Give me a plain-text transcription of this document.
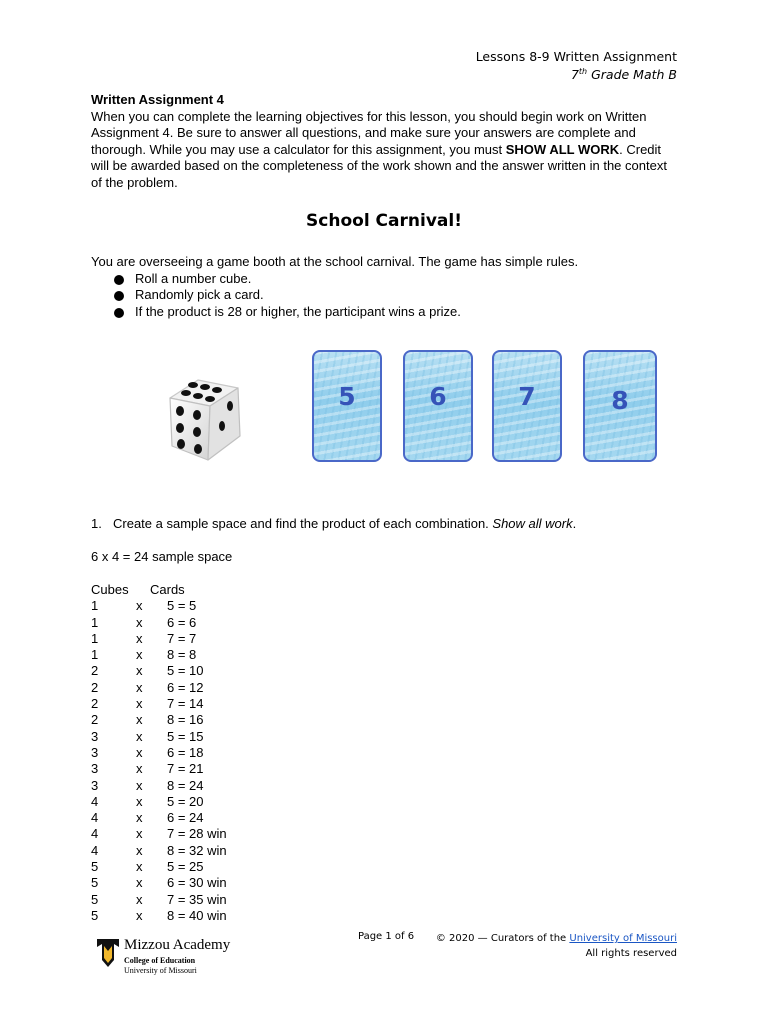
Lessons 8-9 Written Assignment
7th Grade Math B
Written Assignment 4
When you can complete the learning objectives for this lesson, you should begin work on Written Assignment 4. Be sure to answer all questions, and make sure your answers are complete and thorough. While you may use a calculator for this assignment, you must SHOW ALL WORK. Credit will be awarded based on the completeness of the work shown and the answer written in the context of the problem.
School Carnival!
You are overseeing a game booth at the school carnival. The game has simple rules.
Roll a number cube.
Randomly pick a card.
If the product is 28 or higher, the participant wins a prize.
5	6	7	8
1. Create a sample space and find the product of each combination. Show all work.
6 x 4 = 24 sample space
Cubes Cards
1	x 5 = 5
1	x 6 = 6
1	x 7 = 7
1	x 8 = 8
2	x 5 = 10
2	x 6 = 12
2	x 7 = 14
2	x 8 = 16
3	x 5 = 15
3	x 6 = 18
3	x 7 = 21
3	x 8 = 24
4	x 5 = 20
4	x 6 = 24
4	x 7 = 28 win
4	x 8 = 32 win
5	x 5 = 25
5	x 6 = 30 win
5	x 7 = 35 win
5	x 8 = 40 win
Mizzou Academy
College of Education
University of Missouri
Page 1 of 6 © 2020 — Curators of the University of Missouri
All rights reserved
